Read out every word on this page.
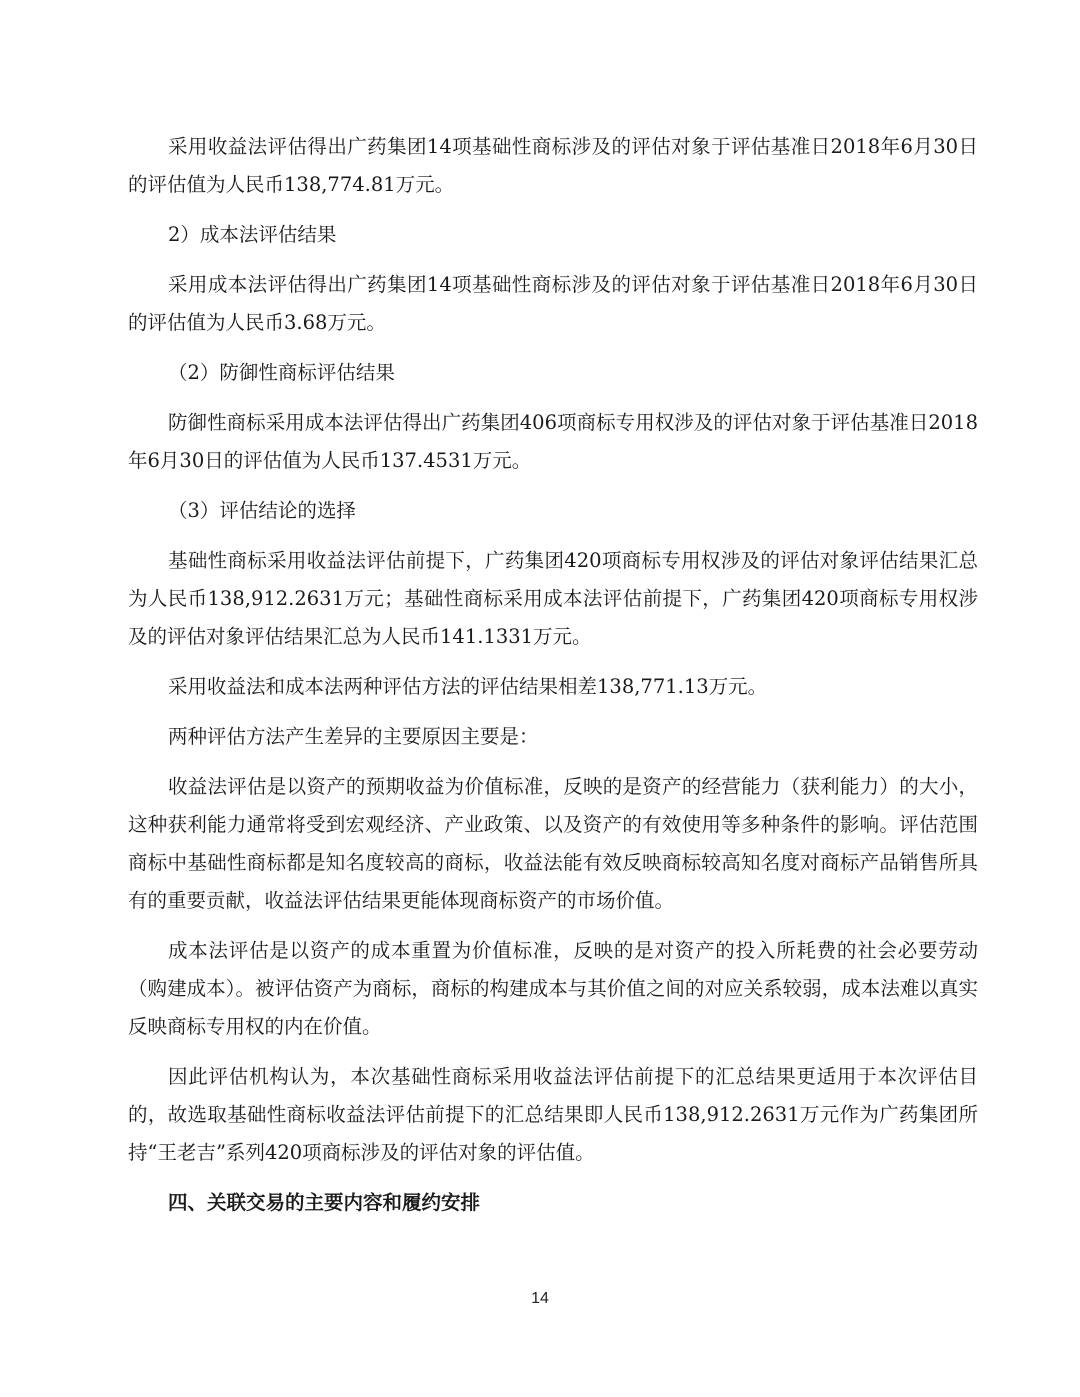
采用收益法评估得出广药集团14项基础性商标涉及的评估对象于评估基准日2018年6月30日的评估值为人民币138,774.81万元。

2）成本法评估结果

采用成本法评估得出广药集团14项基础性商标涉及的评估对象于评估基准日2018年6月30日的评估值为人民币3.68万元。

（2）防御性商标评估结果

防御性商标采用成本法评估得出广药集团406项商标专用权涉及的评估对象于评估基准日2018年6月30日的评估值为人民币137.4531万元。

（3）评估结论的选择

基础性商标采用收益法评估前提下，广药集团420项商标专用权涉及的评估对象评估结果汇总为人民币138,912.2631万元；基础性商标采用成本法评估前提下，广药集团420项商标专用权涉及的评估对象评估结果汇总为人民币141.1331万元。

采用收益法和成本法两种评估方法的评估结果相差138,771.13万元。

两种评估方法产生差异的主要原因主要是：

收益法评估是以资产的预期收益为价值标准，反映的是资产的经营能力（获利能力）的大小，这种获利能力通常将受到宏观经济、产业政策、以及资产的有效使用等多种条件的影响。评估范围商标中基础性商标都是知名度较高的商标，收益法能有效反映商标较高知名度对商标产品销售所具有的重要贡献，收益法评估结果更能体现商标资产的市场价值。

成本法评估是以资产的成本重置为价值标准，反映的是对资产的投入所耗费的社会必要劳动（购建成本）。被评估资产为商标，商标的构建成本与其价值之间的对应关系较弱，成本法难以真实反映商标专用权的内在价值。

因此评估机构认为，本次基础性商标采用收益法评估前提下的汇总结果更适用于本次评估目的，故选取基础性商标收益法评估前提下的汇总结果即人民币138,912.2631万元作为广药集团所持“王老吉”系列420项商标涉及的评估对象的评估值。

四、关联交易的主要内容和履约安排

14
